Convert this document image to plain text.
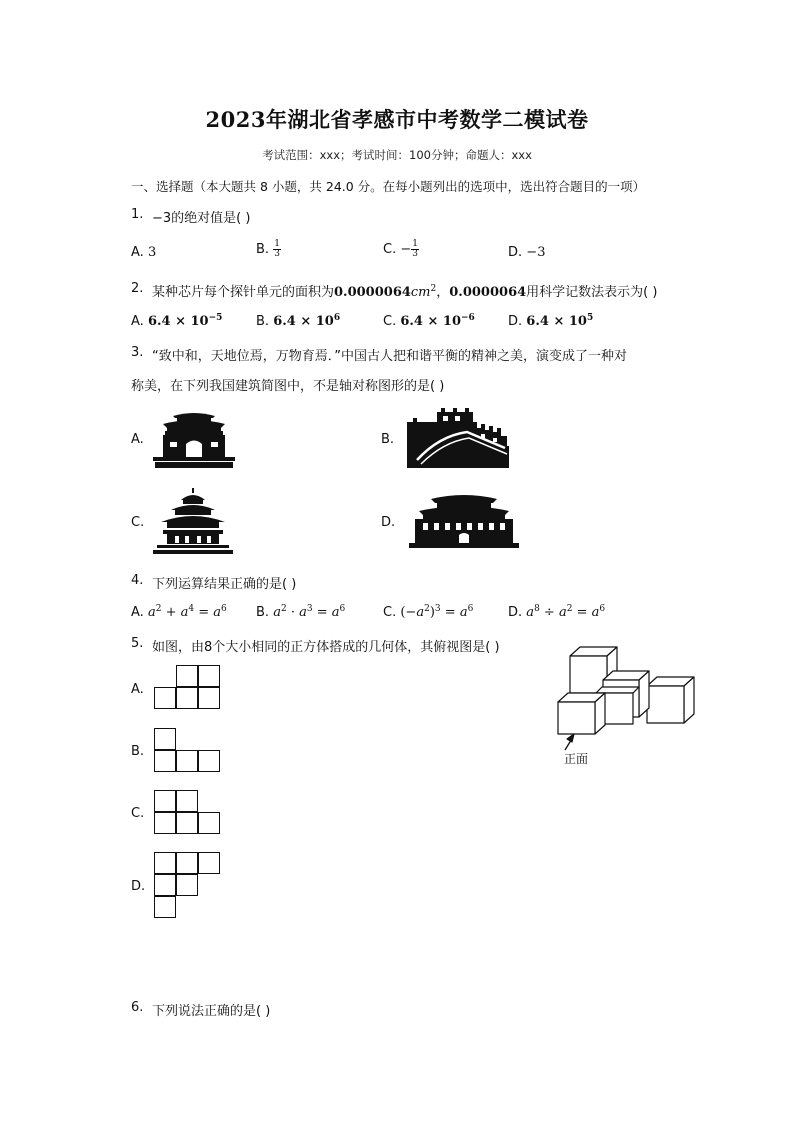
2023年湖北省孝感市中考数学二模试卷
考试范围：xxx；考试时间：100分钟；命题人：xxx
一、选择题（本大题共 8 小题，共 24.0 分。在每小题列出的选项中，选出符合题目的一项）
1. −3的绝对值是( )
A. 3	B. $\frac{1}{3}$	C. − $\frac{1}{3}$	D. −3
2. 某种芯片每个探针单元的面积为$0.0000064cm^2$，0.0000064用科学记数法表示为( )
A. $6.4 \times 10^{-5}$	B. $6.4 \times 10^6$	C. $6.4 \times 10^{-6}$	D. $6.4 \times 10^5$
3. “致中和，天地位焉，万物育焉．”中国古人把和谐平衡的精神之美，演变成了一种对
称美，在下列我国建筑简图中，不是轴对称图形的是( )
A.	B.
C.	D.
4. 下列运算结果正确的是( )
A. $a^2 + a^4 = a^6$ B. $a^2 \cdot a^3 = a^6$	C. $(-a^2)^3 = a^6$	D. $a^8 \div a^2 = a^6$
5. 如图，由8个大小相同的正方体搭成的几何体，其俯视图是( )
A.
B.
C.
D.
正面
6. 下列说法正确的是( )
